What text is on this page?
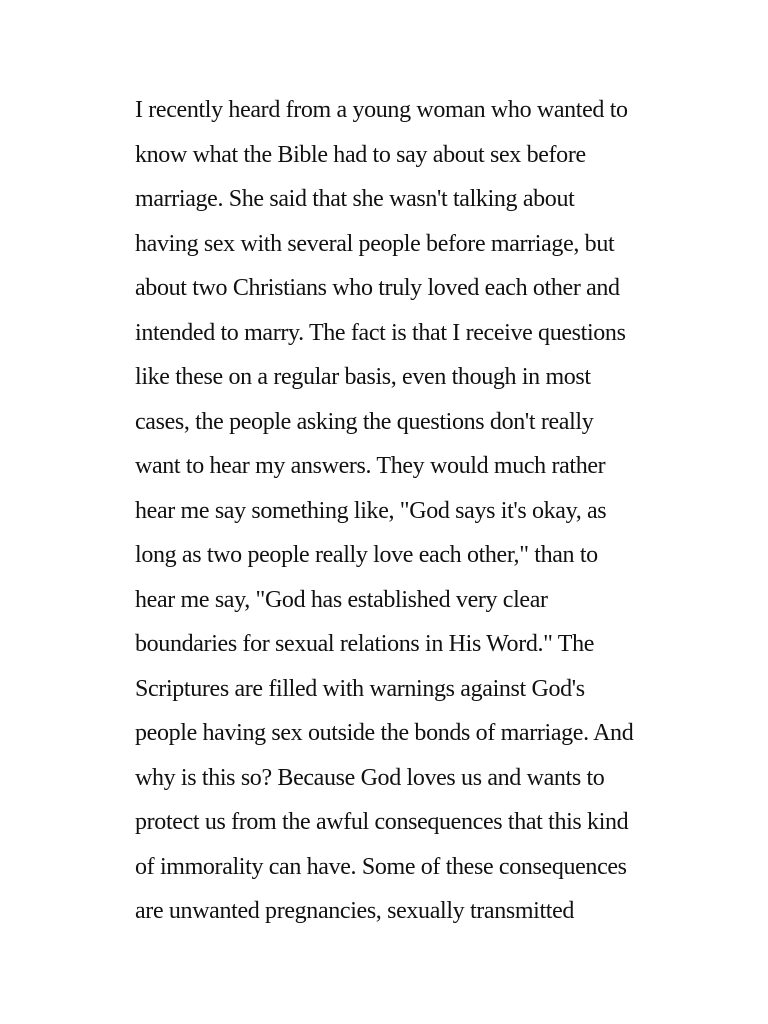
I recently heard from a young woman who wanted to
know what the Bible had to say about sex before
marriage. She said that she wasn't talking about
having sex with several people before marriage, but
about two Christians who truly loved each other and
intended to marry. The fact is that I receive questions
like these on a regular basis, even though in most
cases, the people asking the questions don't really
want to hear my answers. They would much rather
hear me say something like, "God says it's okay, as
long as two people really love each other," than to
hear me say, "God has established very clear
boundaries for sexual relations in His Word." The
Scriptures are filled with warnings against God's
people having sex outside the bonds of marriage. And
why is this so? Because God loves us and wants to
protect us from the awful consequences that this kind
of immorality can have. Some of these consequences
are unwanted pregnancies, sexually transmitted
